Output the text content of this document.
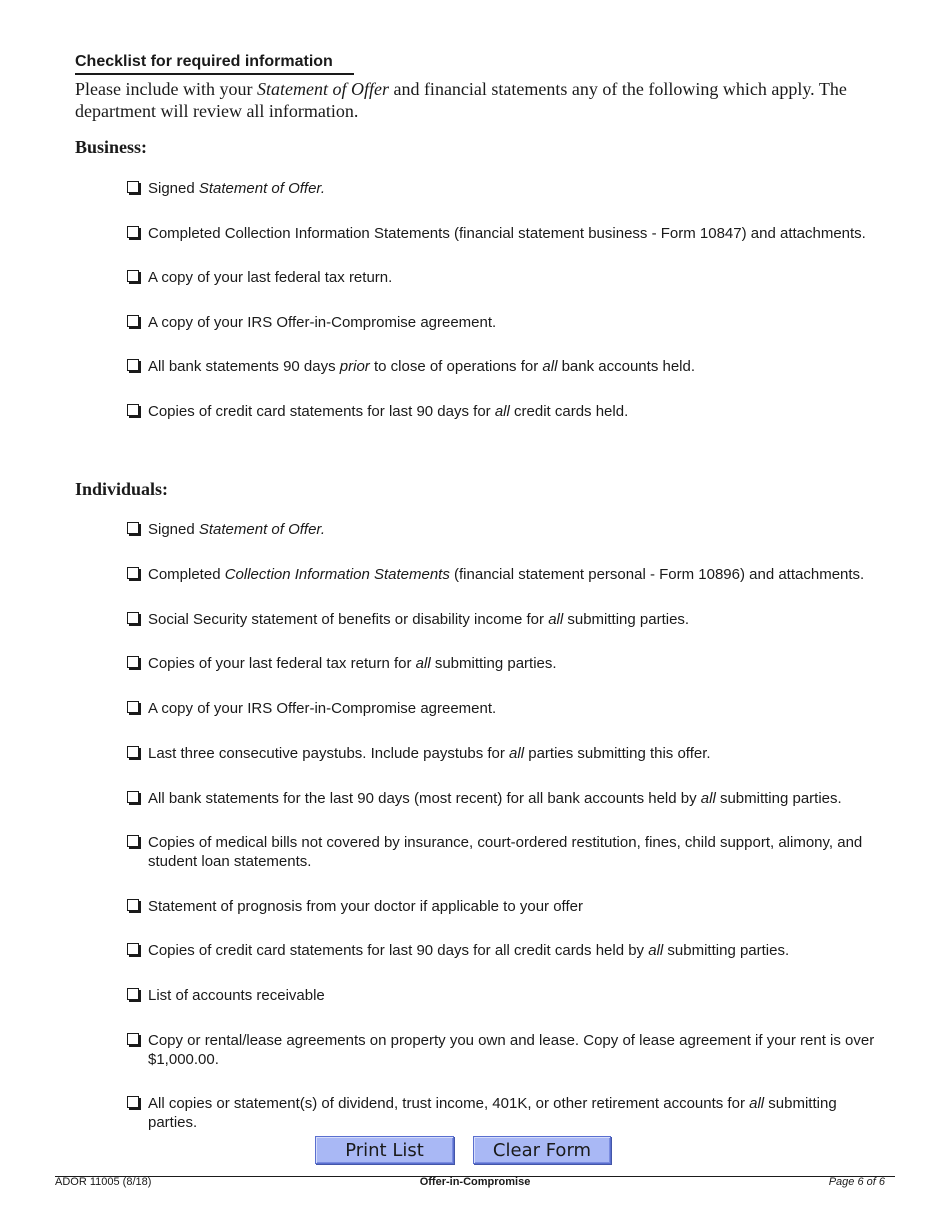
Checklist for required information
Please include with your Statement of Offer and financial statements any of the following which apply. The department will review all information.
Business:
Signed Statement of Offer.
Completed Collection Information Statements (financial statement business - Form 10847) and attachments.
A copy of your last federal tax return.
A copy of your IRS Offer-in-Compromise agreement.
All bank statements 90 days prior to close of operations for all bank accounts held.
Copies of credit card statements for last 90 days for all credit cards held.
Individuals:
Signed Statement of Offer.
Completed Collection Information Statements (financial statement personal - Form 10896) and attachments.
Social Security statement of benefits or disability income for all submitting parties.
Copies of your last federal tax return for all submitting parties.
A copy of your IRS Offer-in-Compromise agreement.
Last three consecutive paystubs. Include paystubs for all parties submitting this offer.
All bank statements for the last 90 days (most recent) for all bank accounts held by all submitting parties.
Copies of medical bills not covered by insurance, court-ordered restitution, fines, child support, alimony, and student loan statements.
Statement of prognosis from your doctor if applicable to your offer
Copies of credit card statements for last 90 days for all credit cards held by all submitting parties.
List of accounts receivable
Copy or rental/lease agreements on property you own and lease. Copy of lease agreement if your rent is over $1,000.00.
All copies or statement(s) of dividend, trust income, 401K, or other retirement accounts for all submitting parties.
Print List	Clear Form
ADOR 11005 (8/18)	Offer-in-Compromise	Page 6 of 6
